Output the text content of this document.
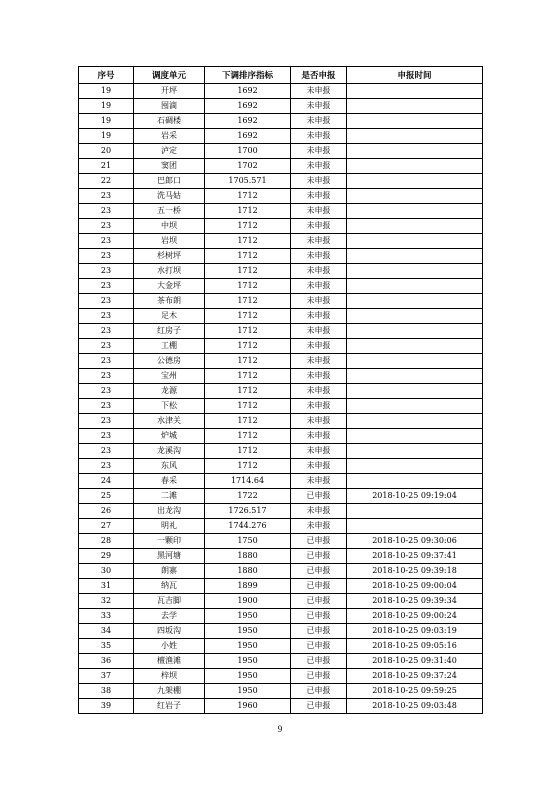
序号	调度单元	下调排序指标	是否申报	申报时间
19	开坪	1692	未申报	
19	囤滴	1692	未申报	
19	石碉楼	1692	未申报	
19	岩采	1692	未申报	
20	泸定	1700	未申报	
21	窦团	1702	未申报	
22	巴郎口	1705.571	未申报	
23	洗马姑	1712	未申报	
23	五一桥	1712	未申报	
23	中坝	1712	未申报	
23	岩坝	1712	未申报	
23	杉树坪	1712	未申报	
23	水打坝	1712	未申报	
23	大金坪	1712	未申报	
23	茶布朗	1712	未申报	
23	足木	1712	未申报	
23	红房子	1712	未申报	
23	工棚	1712	未申报	
23	公德房	1712	未申报	
23	宝州	1712	未申报	
23	龙源	1712	未申报	
23	下松	1712	未申报	
23	水津关	1712	未申报	
23	炉城	1712	未申报	
23	龙溪沟	1712	未申报	
23	东风	1712	未申报	
24	春采	1714.64	未申报	
25	二滩	1722	已申报	2018-10-25 09:19:04
26	出龙沟	1726.517	未申报	
27	明礼	1744.276	未申报	
28	一颗印	1750	已申报	2018-10-25 09:30:06
29	黑河塘	1880	已申报	2018-10-25 09:37:41
30	朗寨	1880	已申报	2018-10-25 09:39:18
31	纳瓦	1899	已申报	2018-10-25 09:00:04
32	瓦吉脚	1900	已申报	2018-10-25 09:39:34
33	去学	1950	已申报	2018-10-25 09:00:24
34	四坂沟	1950	已申报	2018-10-25 09:03:19
35	小姓	1950	已申报	2018-10-25 09:05:16
36	檀渔滩	1950	已申报	2018-10-25 09:31:40
37	梓坝	1950	已申报	2018-10-25 09:37:24
38	九架棚	1950	已申报	2018-10-25 09:59:25
39	红岩子	1960	已申报	2018-10-25 09:03:48
9
